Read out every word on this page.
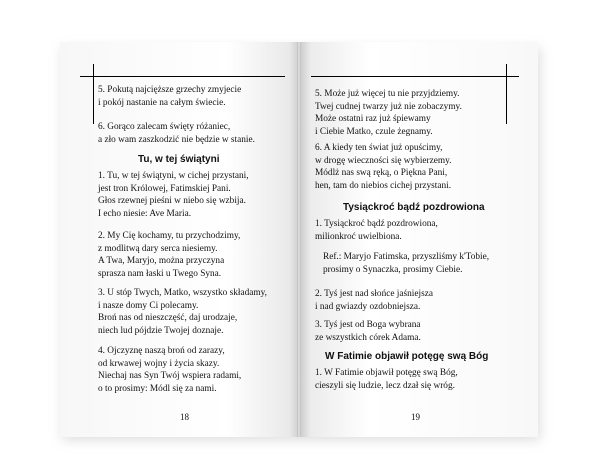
5. Pokutą najcięższe grzechy zmyjecie
i pokój nastanie na całym świecie.
6. Gorąco zalecam święty różaniec,
a zło wam zaszkodzić nie będzie w stanie.
Tu, w tej świątyni
1. Tu, w tej świątyni, w cichej przystani,
jest tron Królowej, Fatimskiej Pani.
Głos rzewnej pieśni w niebo się wzbija.
I echo niesie: Ave Maria.
2. My Cię kochamy, tu przychodzimy,
z modlitwą dary serca niesiemy.
A Twa, Maryjo, można przyczyna
sprasza nam łaski u Twego Syna.
3. U stóp Twych, Matko, wszystko składamy,
i nasze domy Ci polecamy.
Broń nas od nieszczęść, daj urodzaje,
niech lud pójdzie Twojej doznaje.
4. Ojczyznę naszą broń od zarazy,
od krwawej wojny i życia skazy.
Niechaj nas Syn Twój wspiera radami,
o to prosimy: Módl się za nami.
18
5. Może już więcej tu nie przyjdziemy.
Twej cudnej twarzy już nie zobaczymy.
Może ostatni raz już śpiewamy
i Ciebie Matko, czule żegnamy.
6. A kiedy ten świat już opuścimy,
w drogę wieczności się wybierzemy.
Módlż nas swą ręką, o Piękna Pani,
hen, tam do niebios cichej przystani.
Tysiąckroć bądź pozdrowiona
1. Tysiąckroć bądź pozdrowiona,
milionkroć uwielbiona.
Ref.: Maryjo Fatimska, przyszliśmy k'Tobie,
prosimy o Synaczka, prosimy Ciebie.
2. Tyś jest nad słońce jaśniejsza
i nad gwiazdy ozdobniejsza.
3. Tyś jest od Boga wybrana
ze wszystkich córek Adama.
W Fatimie objawił potęgę swą Bóg
1. W Fatimie objawił potęgę swą Bóg,
cieszyli się ludzie, lecz dzał się wróg.
19
